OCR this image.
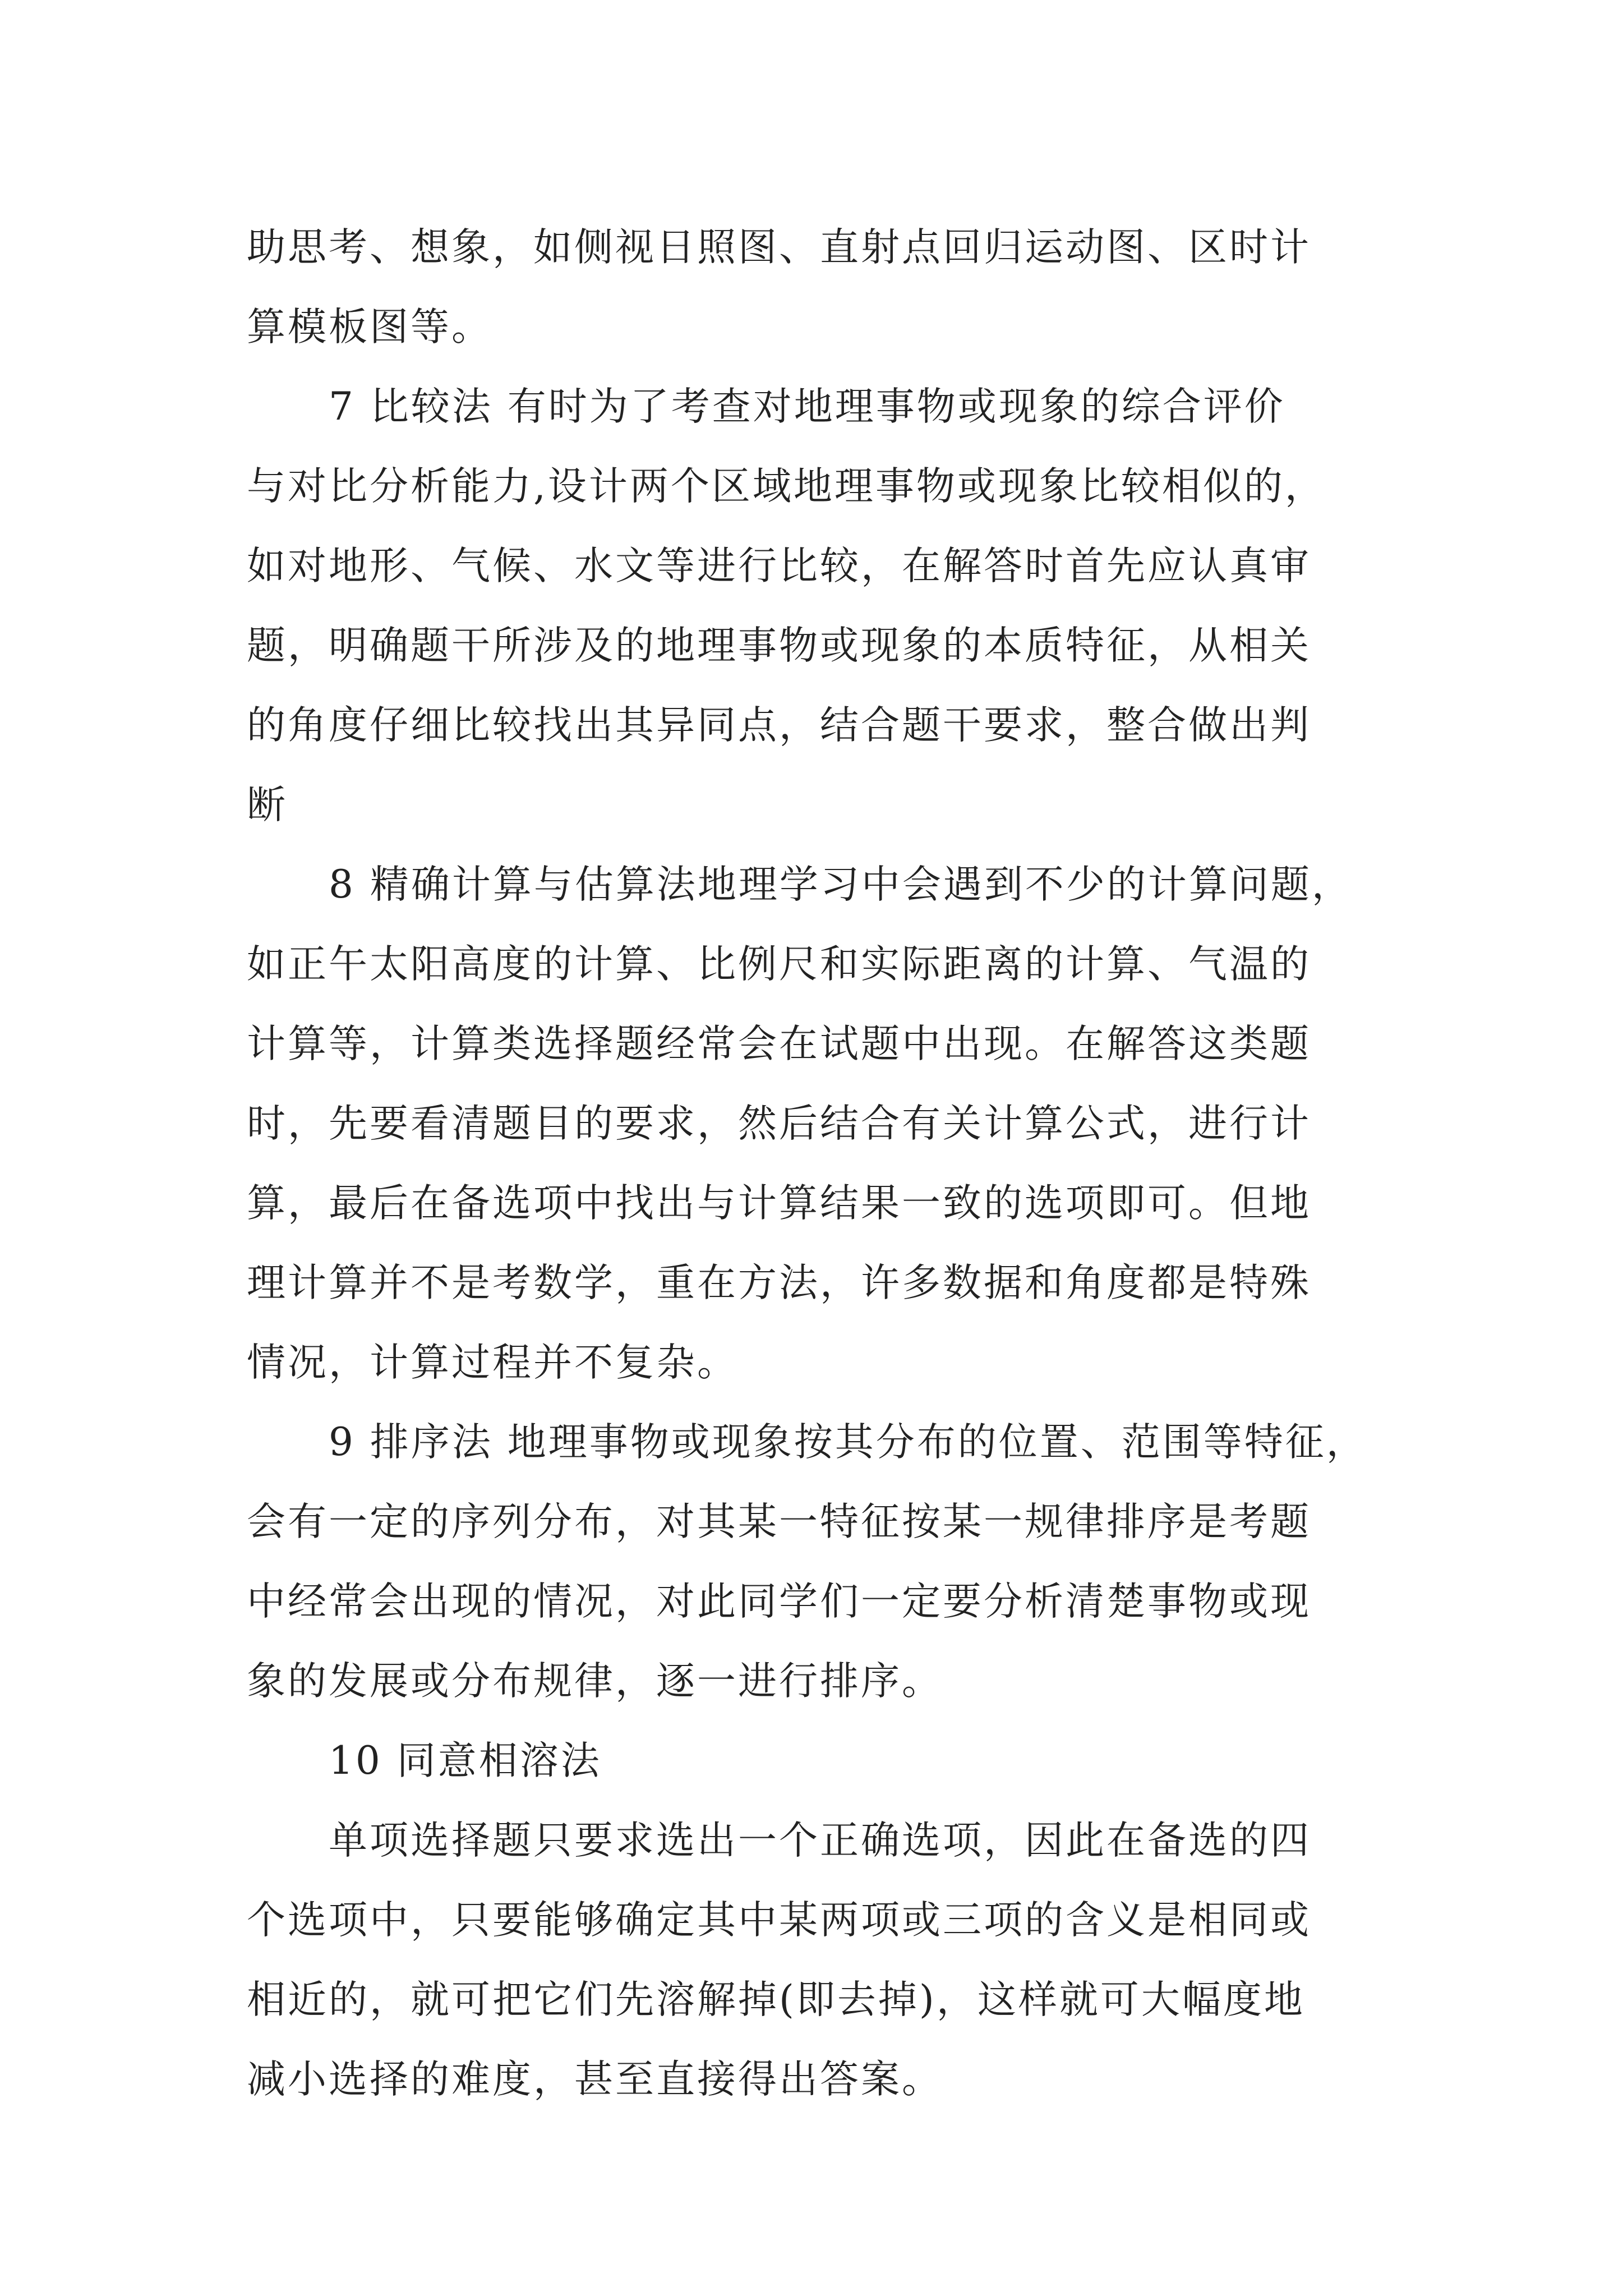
助思考、想象，如侧视日照图、直射点回归运动图、区时计
算模板图等。
7 比较法 有时为了考查对地理事物或现象的综合评价
与对比分析能力,设计两个区域地理事物或现象比较相似的，
如对地形、气候、水文等进行比较，在解答时首先应认真审
题，明确题干所涉及的地理事物或现象的本质特征，从相关
的角度仔细比较找出其异同点，结合题干要求，整合做出判
断
8 精确计算与估算法地理学习中会遇到不少的计算问题，
如正午太阳高度的计算、比例尺和实际距离的计算、气温的
计算等，计算类选择题经常会在试题中出现。在解答这类题
时，先要看清题目的要求，然后结合有关计算公式，进行计
算，最后在备选项中找出与计算结果一致的选项即可。但地
理计算并不是考数学，重在方法，许多数据和角度都是特殊
情况，计算过程并不复杂。
9 排序法 地理事物或现象按其分布的位置、范围等特征，
会有一定的序列分布，对其某一特征按某一规律排序是考题
中经常会出现的情况，对此同学们一定要分析清楚事物或现
象的发展或分布规律，逐一进行排序。
10 同意相溶法
单项选择题只要求选出一个正确选项，因此在备选的四
个选项中，只要能够确定其中某两项或三项的含义是相同或
相近的，就可把它们先溶解掉(即去掉)，这样就可大幅度地
减小选择的难度，甚至直接得出答案。
